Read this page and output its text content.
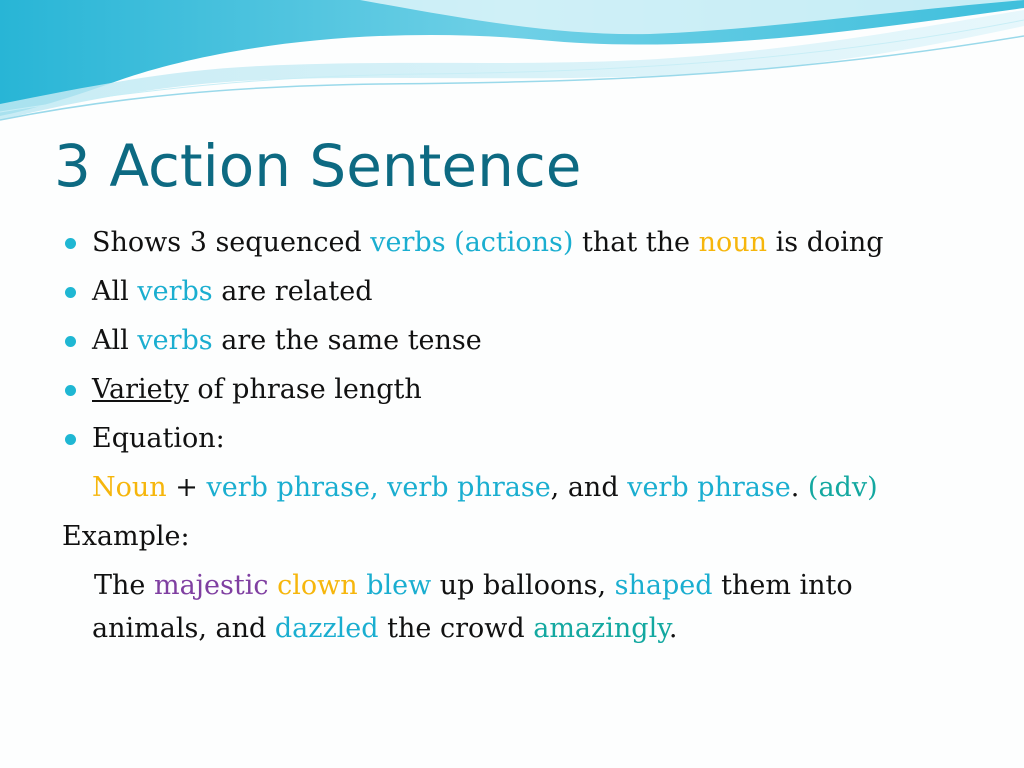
3 Action Sentence
Shows 3 sequenced verbs (actions) that the noun is doing
All verbs are related
All verbs are the same tense
Variety of phrase length
Equation:
Noun + verb phrase, verb phrase, and verb phrase. (adv)
Example:
The majestic clown blew up balloons, shaped them into
animals, and dazzled the crowd amazingly.
